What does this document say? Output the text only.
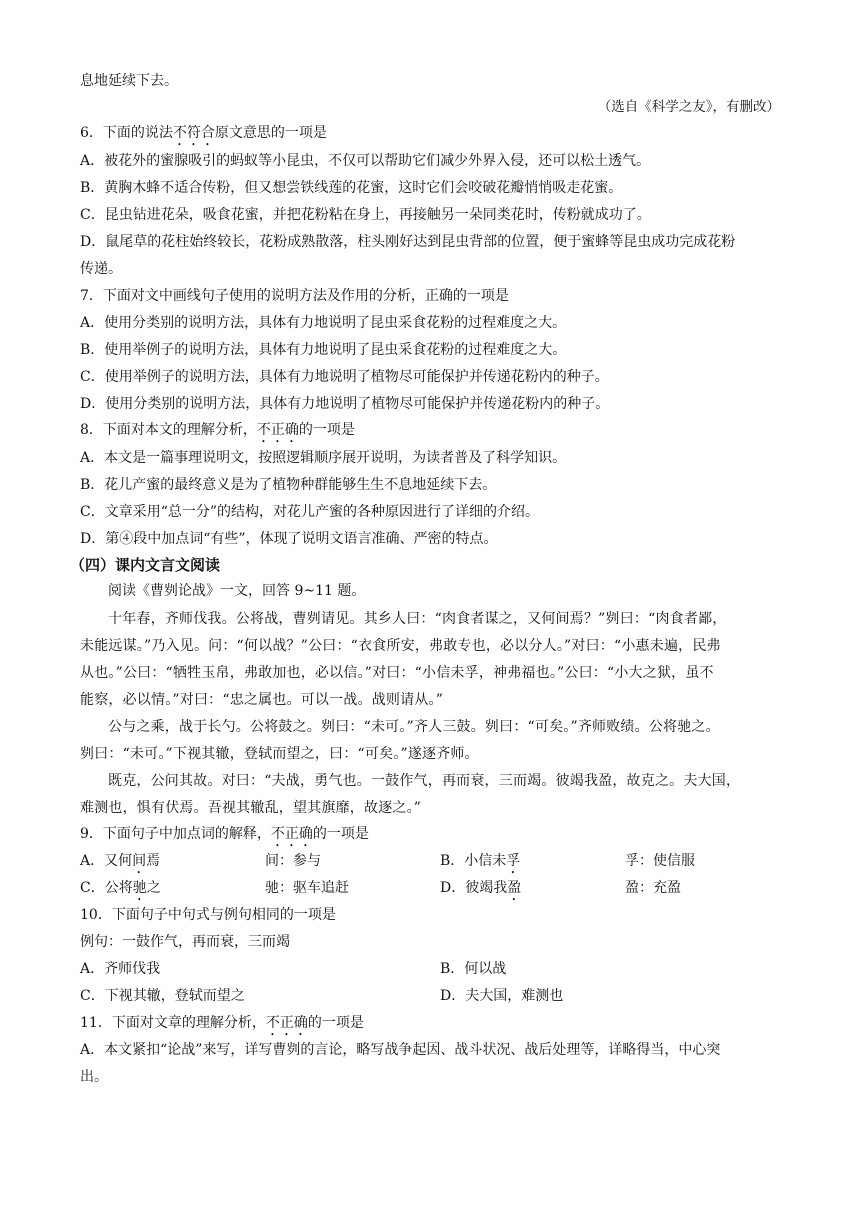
息地延续下去。
（选自《科学之友》，有删改）
6．下面的说法不符合原文意思的一项是
A．被花外的蜜腺吸引的蚂蚁等小昆虫，不仅可以帮助它们减少外界入侵，还可以松土透气。
B．黄胸木蜂不适合传粉，但又想尝铁线莲的花蜜，这时它们会咬破花瓣悄悄吸走花蜜。
C．昆虫钻进花朵，吸食花蜜，并把花粉粘在身上，再接触另一朵同类花时，传粉就成功了。
D．鼠尾草的花柱始终较长，花粉成熟散落，柱头刚好达到昆虫背部的位置，便于蜜蜂等昆虫成功完成花粉
传递。
7．下面对文中画线句子使用的说明方法及作用的分析，正确的一项是
A．使用分类别的说明方法，具体有力地说明了昆虫采食花粉的过程难度之大。
B．使用举例子的说明方法，具体有力地说明了昆虫采食花粉的过程难度之大。
C．使用举例子的说明方法，具体有力地说明了植物尽可能保护并传递花粉内的种子。
D．使用分类别的说明方法，具体有力地说明了植物尽可能保护并传递花粉内的种子。
8．下面对本文的理解分析，不正确的一项是
A．本文是一篇事理说明文，按照逻辑顺序展开说明，为读者普及了科学知识。
B．花儿产蜜的最终意义是为了植物种群能够生生不息地延续下去。
C．文章采用“总一分”的结构，对花儿产蜜的各种原因进行了详细的介绍。
D．第④段中加点词“有些”，体现了说明文语言准确、严密的特点。
（四）课内文言文阅读
阅读《曹刿论战》一文，回答 9~11 题。
十年春，齐师伐我。公将战，曹刿请见。其乡人曰：“肉食者谋之，又何间焉？”刿曰：“肉食者鄙，
未能远谋。”乃入见。问：“何以战？”公曰：“衣食所安，弗敢专也，必以分人。”对曰：“小惠未遍，民弗
从也。”公曰：“牺牲玉帛，弗敢加也，必以信。”对曰：“小信未孚，神弗福也。”公曰：“小大之狱，虽不
能察，必以情。”对曰：“忠之属也。可以一战。战则请从。”
公与之乘，战于长勺。公将鼓之。刿曰：“未可。”齐人三鼓。刿曰：“可矣。”齐师败绩。公将驰之。
刿曰：“未可。”下视其辙，登轼而望之，曰：“可矣。”遂逐齐师。
既克，公问其故。对曰：“夫战，勇气也。一鼓作气，再而衰，三而竭。彼竭我盈，故克之。夫大国，
难测也，惧有伏焉。吾视其辙乱，望其旗靡，故逐之。”
9．下面句子中加点词的解释，不正确的一项是
A．又何间焉	间：参与	B．小信未孚	孚：使信服
C．公将驰之	驰：驱车追赶	D．彼竭我盈	盈：充盈
10．下面句子中句式与例句相同的一项是
例句：一鼓作气，再而衰，三而竭
A．齐师伐我	B．何以战
C．下视其辙，登轼而望之	D．夫大国，难测也
11．下面对文章的理解分析，不正确的一项是
A．本文紧扣“论战”来写，详写曹刿的言论，略写战争起因、战斗状况、战后处理等，详略得当，中心突
出。
